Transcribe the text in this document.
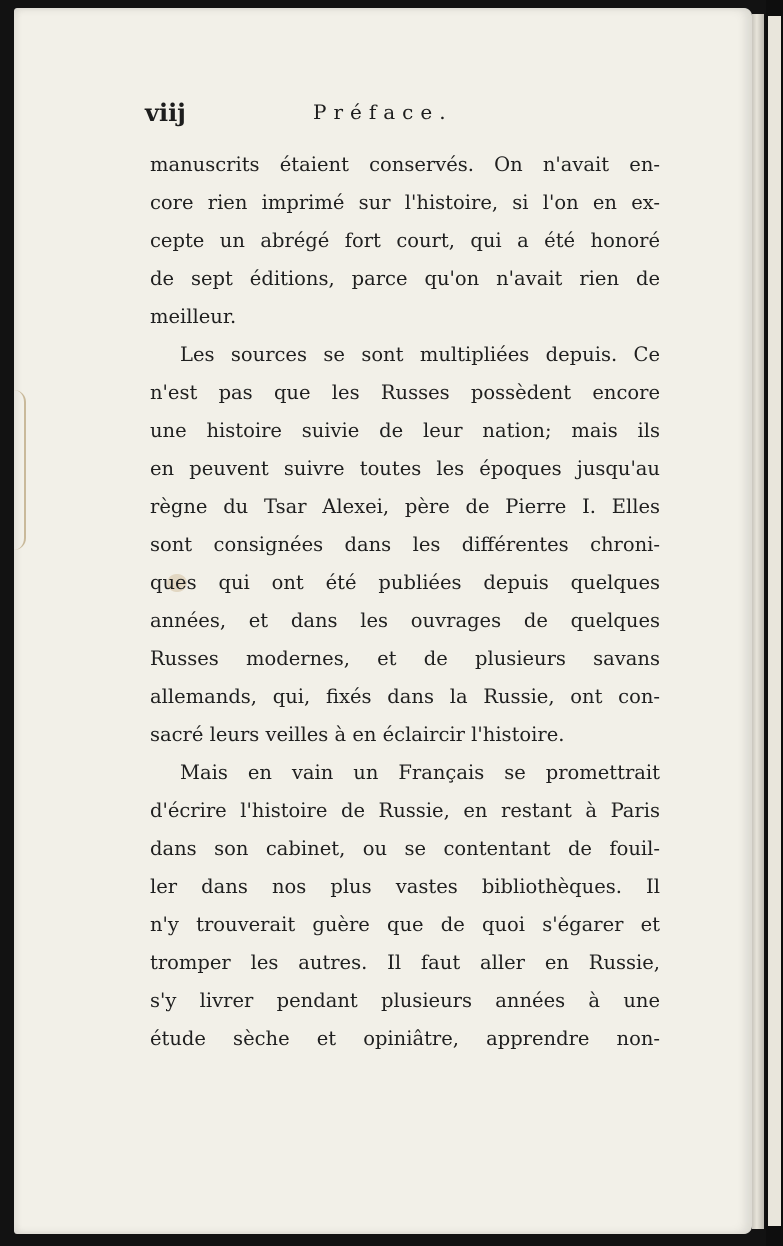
viij	Préface.
manuscrits étaient conservés. On n'avait en-
core rien imprimé sur l'histoire, si l'on en ex-
cepte un abrégé fort court, qui a été honoré
de sept éditions, parce qu'on n'avait rien de
meilleur.
Les sources se sont multipliées depuis. Ce
n'est pas que les Russes possèdent encore
une histoire suivie de leur nation; mais ils
en peuvent suivre toutes les époques jusqu'au
règne du Tsar Alexei, père de Pierre I. Elles
sont consignées dans les différentes chroni-
ques qui ont été publiées depuis quelques
années, et dans les ouvrages de quelques
Russes modernes, et de plusieurs savans
allemands, qui, fixés dans la Russie, ont con-
sacré leurs veilles à en éclaircir l'histoire.
Mais en vain un Français se promettrait
d'écrire l'histoire de Russie, en restant à Paris
dans son cabinet, ou se contentant de fouil-
ler dans nos plus vastes bibliothèques. Il
n'y trouverait guère que de quoi s'égarer et
tromper les autres. Il faut aller en Russie,
s'y livrer pendant plusieurs années à une
étude sèche et opiniâtre, apprendre non-
